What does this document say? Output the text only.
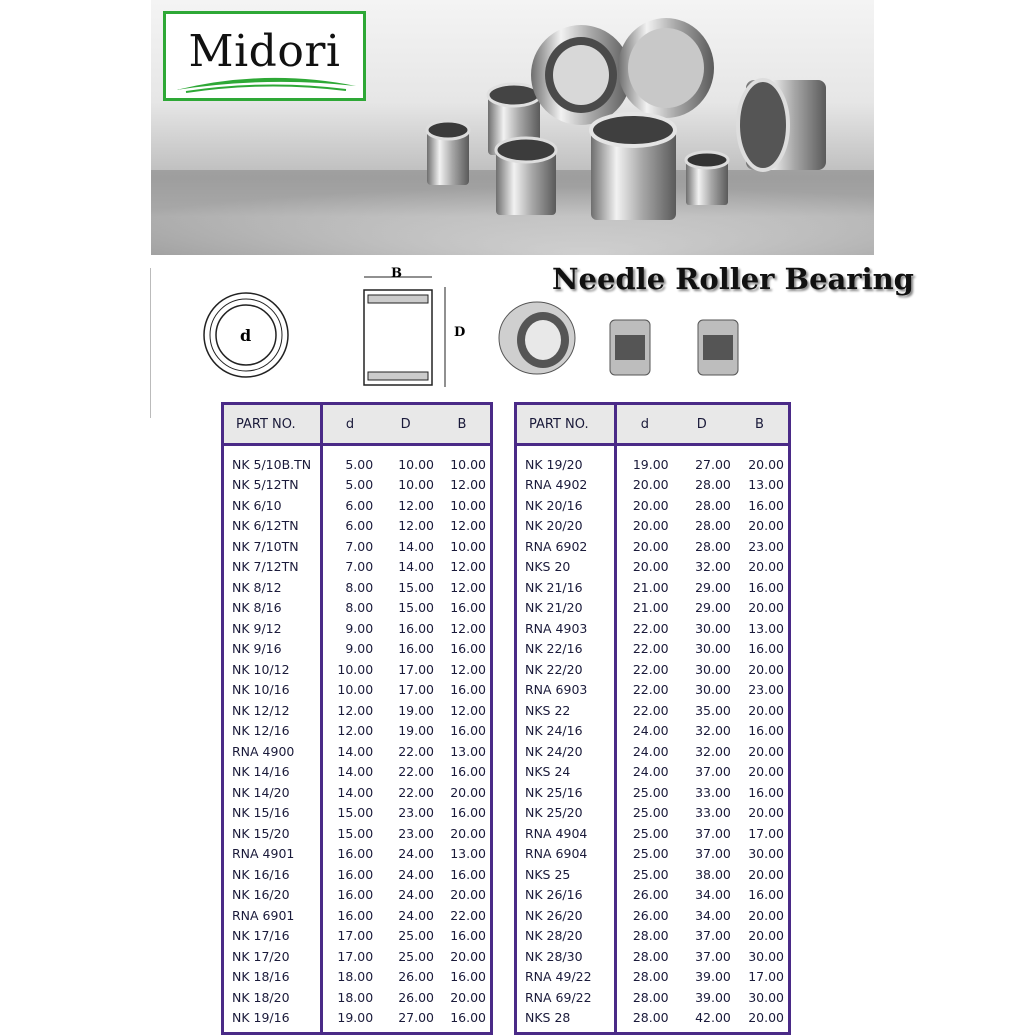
Midori
d
B
D
Needle Roller Bearing
PART NO.	d	D	B
NK 5/10B.TN	5.00	10.00	10.00
NK 5/12TN	5.00	10.00	12.00
NK 6/10	6.00	12.00	10.00
NK 6/12TN	6.00	12.00	12.00
NK 7/10TN	7.00	14.00	10.00
NK 7/12TN	7.00	14.00	12.00
NK 8/12	8.00	15.00	12.00
NK 8/16	8.00	15.00	16.00
NK 9/12	9.00	16.00	12.00
NK 9/16	9.00	16.00	16.00
NK 10/12	10.00	17.00	12.00
NK 10/16	10.00	17.00	16.00
NK 12/12	12.00	19.00	12.00
NK 12/16	12.00	19.00	16.00
RNA 4900	14.00	22.00	13.00
NK 14/16	14.00	22.00	16.00
NK 14/20	14.00	22.00	20.00
NK 15/16	15.00	23.00	16.00
NK 15/20	15.00	23.00	20.00
RNA 4901	16.00	24.00	13.00
NK 16/16	16.00	24.00	16.00
NK 16/20	16.00	24.00	20.00
RNA 6901	16.00	24.00	22.00
NK 17/16	17.00	25.00	16.00
NK 17/20	17.00	25.00	20.00
NK 18/16	18.00	26.00	16.00
NK 18/20	18.00	26.00	20.00
NK 19/16	19.00	27.00	16.00
PART NO.	d	D	B
NK 19/20	19.00	27.00	20.00
RNA 4902	20.00	28.00	13.00
NK 20/16	20.00	28.00	16.00
NK 20/20	20.00	28.00	20.00
RNA 6902	20.00	28.00	23.00
NKS 20	20.00	32.00	20.00
NK 21/16	21.00	29.00	16.00
NK 21/20	21.00	29.00	20.00
RNA 4903	22.00	30.00	13.00
NK 22/16	22.00	30.00	16.00
NK 22/20	22.00	30.00	20.00
RNA 6903	22.00	30.00	23.00
NKS 22	22.00	35.00	20.00
NK 24/16	24.00	32.00	16.00
NK 24/20	24.00	32.00	20.00
NKS 24	24.00	37.00	20.00
NK 25/16	25.00	33.00	16.00
NK 25/20	25.00	33.00	20.00
RNA 4904	25.00	37.00	17.00
RNA 6904	25.00	37.00	30.00
NKS 25	25.00	38.00	20.00
NK 26/16	26.00	34.00	16.00
NK 26/20	26.00	34.00	20.00
NK 28/20	28.00	37.00	20.00
NK 28/30	28.00	37.00	30.00
RNA 49/22	28.00	39.00	17.00
RNA 69/22	28.00	39.00	30.00
NKS 28	28.00	42.00	20.00
